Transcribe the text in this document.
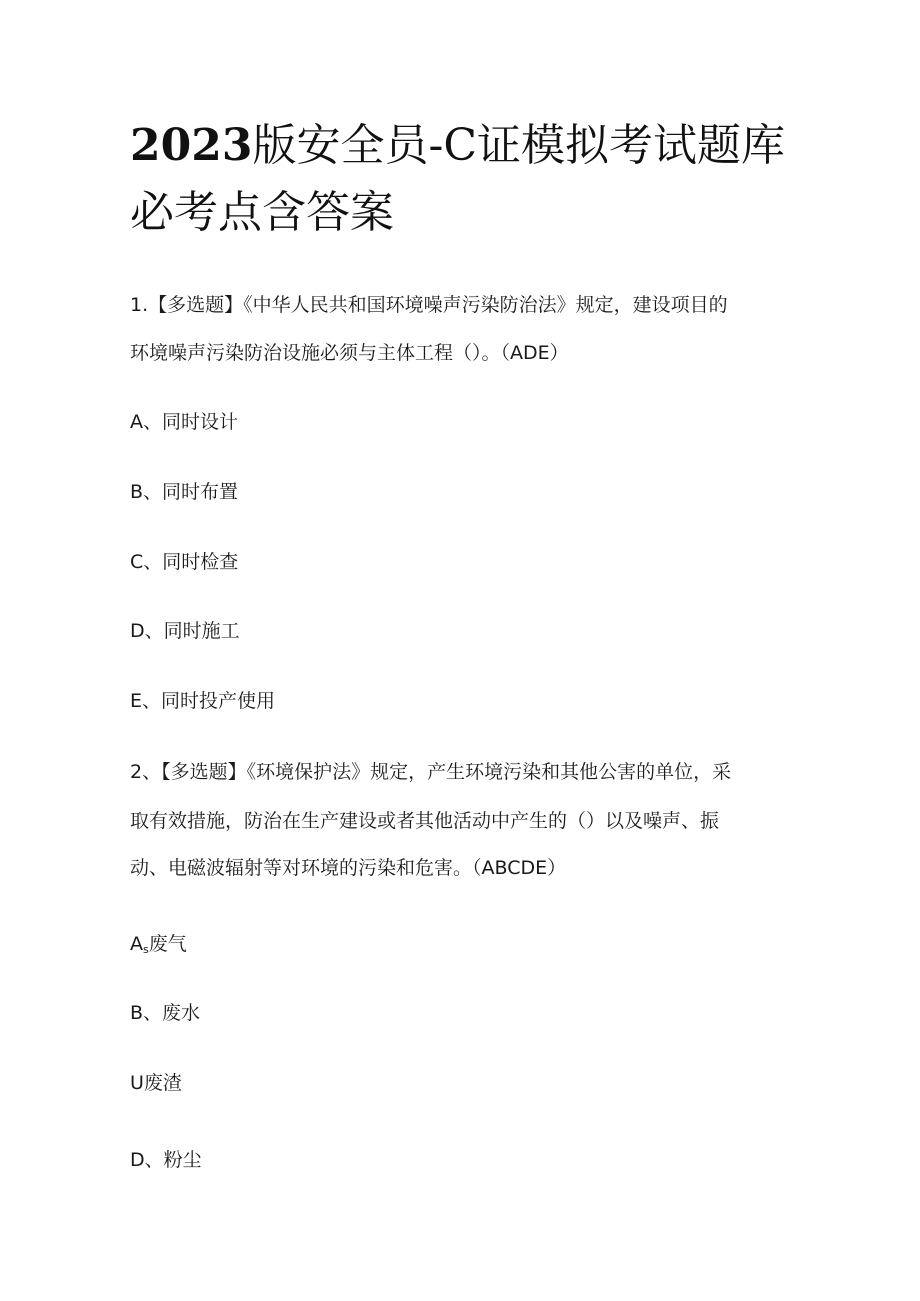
2023版安全员-C证模拟考试题库必考点含答案

1.【多选题】《中华人民共和国环境噪声污染防治法》规定，建设项目的

环境噪声污染防治设施必须与主体工程（）。（ADE）

A、同时设计

B、同时布置

C、同时检查

D、同时施工

E、同时投产使用

2、【多选题】《环境保护法》规定，产生环境污染和其他公害的单位，采

取有效措施，防治在生产建设或者其他活动中产生的（）以及噪声、振

动、电磁波辐射等对环境的污染和危害。（ABCDE）

$A_s$废气

B、废水

U废渣

D、粉尘
